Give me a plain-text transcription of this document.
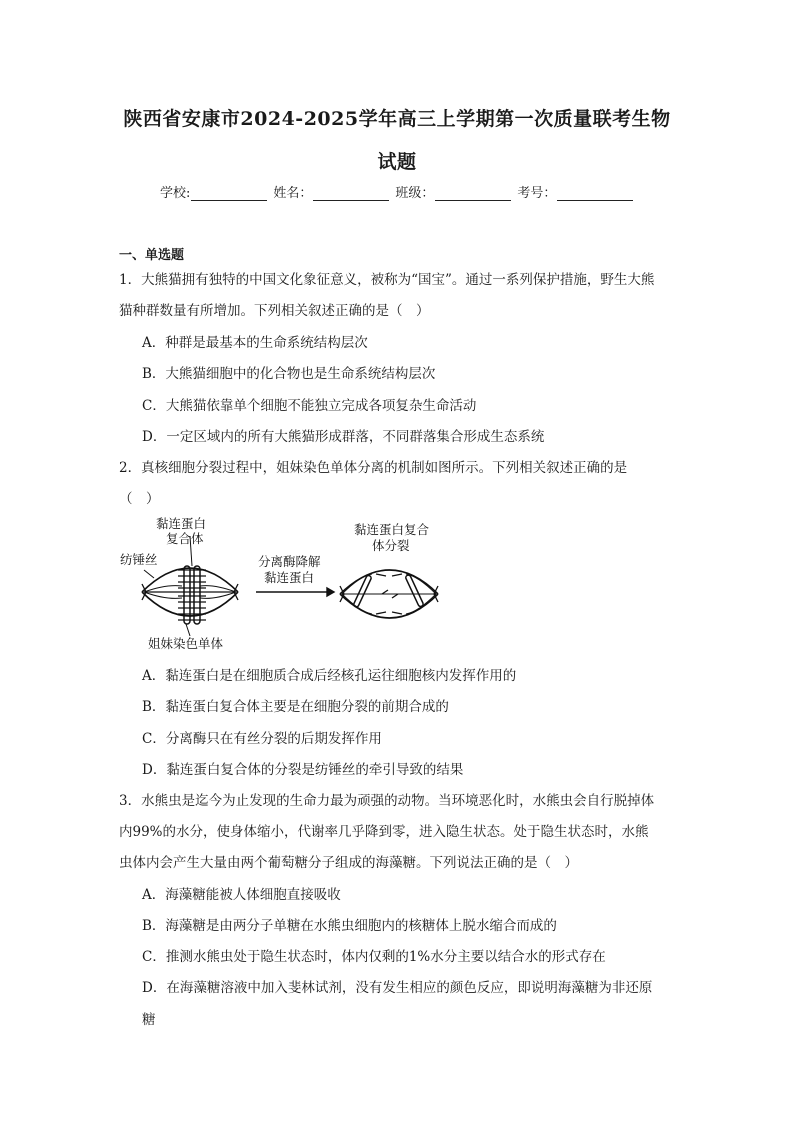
陕西省安康市2024-2025学年高三上学期第一次质量联考生物
试题
学校:	姓名：	班级：	考号：
一、单选题
1．大熊猫拥有独特的中国文化象征意义，被称为“国宝”。通过一系列保护措施，野生大熊
猫种群数量有所增加。下列相关叙述正确的是（　）
A．种群是最基本的生命系统结构层次
B．大熊猫细胞中的化合物也是生命系统结构层次
C．大熊猫依靠单个细胞不能独立完成各项复杂生命活动
D．一定区域内的所有大熊猫形成群落，不同群落集合形成生态系统
2．真核细胞分裂过程中，姐妹染色单体分离的机制如图所示。下列相关叙述正确的是
（　）
黏连蛋白
复合体
纺锤丝	分离酶降解
黏连蛋白
黏连蛋白复合
体分裂
姐妹染色单体
A．黏连蛋白是在细胞质合成后经核孔运往细胞核内发挥作用的
B．黏连蛋白复合体主要是在细胞分裂的前期合成的
C．分离酶只在有丝分裂的后期发挥作用
D．黏连蛋白复合体的分裂是纺锤丝的牵引导致的结果
3．水熊虫是迄今为止发现的生命力最为顽强的动物。当环境恶化时，水熊虫会自行脱掉体
内99%的水分，使身体缩小，代谢率几乎降到零，进入隐生状态。处于隐生状态时，水熊
虫体内会产生大量由两个葡萄糖分子组成的海藻糖。下列说法正确的是（　）
A．海藻糖能被人体细胞直接吸收
B．海藻糖是由两分子单糖在水熊虫细胞内的核糖体上脱水缩合而成的
C．推测水熊虫处于隐生状态时，体内仅剩的1%水分主要以结合水的形式存在
D．在海藻糖溶液中加入斐林试剂，没有发生相应的颜色反应，即说明海藻糖为非还原
糖
